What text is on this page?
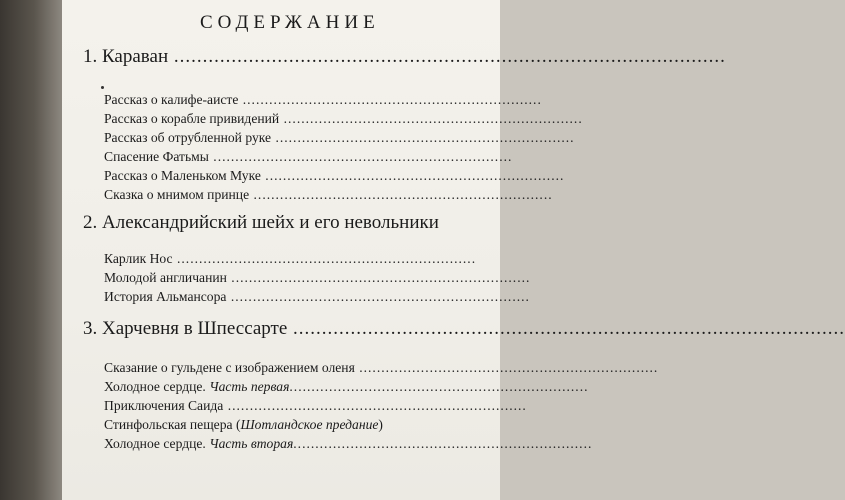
СОДЕРЖАНИЕ
1. Караван ................................................................................................
Рассказ о калифе-аисте ....................................................................
Рассказ о корабле привидений ....................................................................
Рассказ об отрубленной руке ....................................................................
Спасение Фатьмы ....................................................................
Рассказ о Маленьком Муке ....................................................................
Сказка о мнимом принце ....................................................................
2. Александрийский шейх и его невольники
Карлик Нос ....................................................................
Молодой англичанин ....................................................................
История Альмансора ....................................................................
3. Харчевня в Шпессарте ................................................................................................
Сказание о гульдене с изображением оленя ....................................................................
Холодное сердце. Часть первая....................................................................
Приключения Саида ....................................................................
Стинфольская пещера (Шотландское предание)
Холодное сердце. Часть вторая....................................................................
